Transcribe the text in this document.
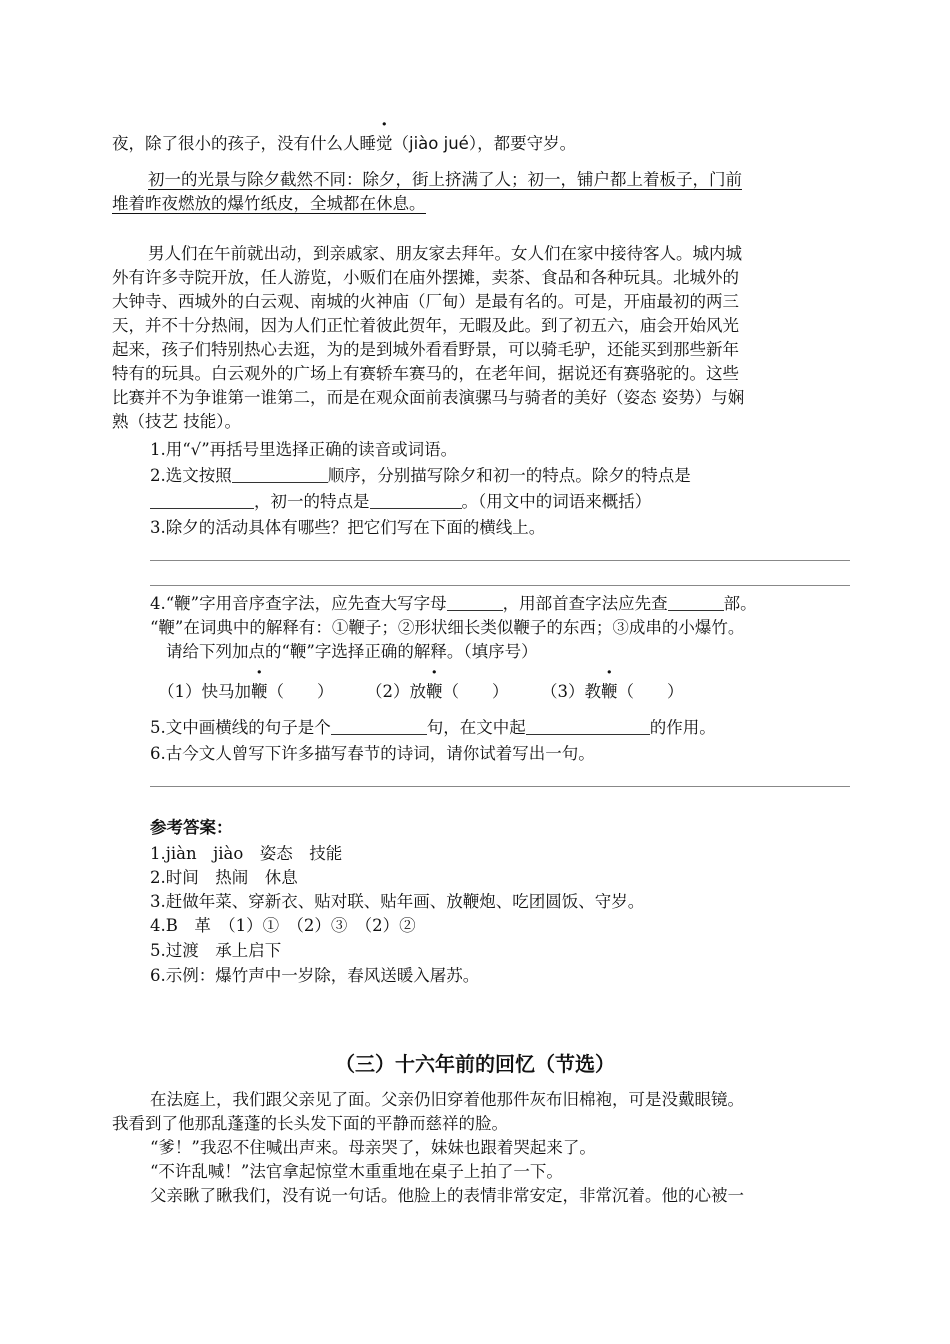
夜，除了很小的孩子，没有什么人睡觉（jiào jué），都要守岁。
初一的光景与除夕截然不同：除夕，街上挤满了人；初一，铺户都上着板子，门前
堆着昨夜燃放的爆竹纸皮，全城都在休息。
男人们在午前就出动，到亲戚家、朋友家去拜年。女人们在家中接待客人。城内城
外有许多寺院开放，任人游览，小贩们在庙外摆摊，卖茶、食品和各种玩具。北城外的
大钟寺、西城外的白云观、南城的火神庙（厂甸）是最有名的。可是，开庙最初的两三
天，并不十分热闹，因为人们正忙着彼此贺年，无暇及此。到了初五六，庙会开始风光
起来，孩子们特别热心去逛，为的是到城外看看野景，可以骑毛驴，还能买到那些新年
特有的玩具。白云观外的广场上有赛轿车赛马的，在老年间，据说还有赛骆驼的。这些
比赛并不为争谁第一谁第二，而是在观众面前表演骡马与骑者的美好（姿态 姿势）与娴
熟（技艺 技能）。
1.用“√”再括号里选择正确的读音或词语。
2.选文按照	顺序，分别描写除夕和初一的特点。除夕的特点是
，初一的特点是	。（用文中的词语来概括）
3.除夕的活动具体有哪些？把它们写在下面的横线上。
4.“鞭”字用音序查字法，应先查大写字母	，用部首查字法应先查	部。
“鞭”在词典中的解释有：①鞭子；②形状细长类似鞭子的东西；③成串的小爆竹。
请给下列加点的“鞭”字选择正确的解释。（填序号）
（1）快马加鞭（　　） （2）放鞭（　　） （3）教鞭（　　）
5.文中画横线的句子是个	句，在文中起	的作用。
6.古今文人曾写下许多描写春节的诗词，请你试着写出一句。
参考答案：
1.jiàn　jiào　姿态　技能
2.时间　热闹　休息
3.赶做年菜、穿新衣、贴对联、贴年画、放鞭炮、吃团圆饭、守岁。
4.B　革　（1）①　（2）③　（2）②
5.过渡　承上启下
6.示例：爆竹声中一岁除，春风送暖入屠苏。
（三）十六年前的回忆（节选）
在法庭上，我们跟父亲见了面。父亲仍旧穿着他那件灰布旧棉袍，可是没戴眼镜。
我看到了他那乱蓬蓬的长头发下面的平静而慈祥的脸。
“爹！”我忍不住喊出声来。母亲哭了，妹妹也跟着哭起来了。
“不许乱喊！”法官拿起惊堂木重重地在桌子上拍了一下。
父亲瞅了瞅我们，没有说一句话。他脸上的表情非常安定，非常沉着。他的心被一
